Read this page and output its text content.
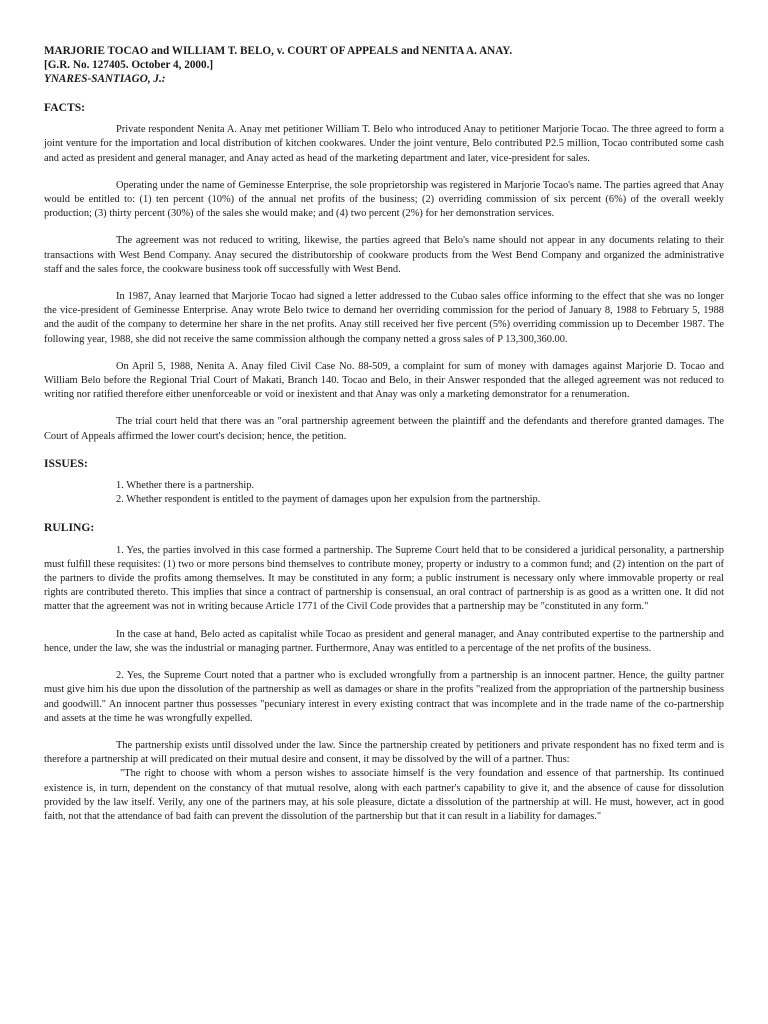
MARJORIE TOCAO and WILLIAM T. BELO, v. COURT OF APPEALS and NENITA A. ANAY.
[G.R. No. 127405. October 4, 2000.]
YNARES-SANTIAGO, J.:
FACTS:

Private respondent Nenita A. Anay met petitioner William T. Belo who introduced Anay to petitioner Marjorie Tocao. The three agreed to form a joint venture for the importation and local distribution of kitchen cookwares. Under the joint venture, Belo contributed P2.5 million, Tocao contributed some cash and acted as president and general manager, and Anay acted as head of the marketing department and later, vice-president for sales.

Operating under the name of Geminesse Enterprise, the sole proprietorship was registered in Marjorie Tocao's name. The parties agreed that Anay would be entitled to: (1) ten percent (10%) of the annual net profits of the business; (2) overriding commission of six percent (6%) of the overall weekly production; (3) thirty percent (30%) of the sales she would make; and (4) two percent (2%) for her demonstration services.

The agreement was not reduced to writing, likewise, the parties agreed that Belo's name should not appear in any documents relating to their transactions with West Bend Company. Anay secured the distributorship of cookware products from the West Bend Company and organized the administrative staff and the sales force, the cookware business took off successfully with West Bend.

In 1987, Anay learned that Marjorie Tocao had signed a letter addressed to the Cubao sales office informing to the effect that she was no longer the vice-president of Geminesse Enterprise. Anay wrote Belo twice to demand her overriding commission for the period of January 8, 1988 to February 5, 1988 and the audit of the company to determine her share in the net profits. Anay still received her five percent (5%) overriding commission up to December 1987. The following year, 1988, she did not receive the same commission although the company netted a gross sales of P 13,300,360.00.

On April 5, 1988, Nenita A. Anay filed Civil Case No. 88-509, a complaint for sum of money with damages against Marjorie D. Tocao and William Belo before the Regional Trial Court of Makati, Branch 140. Tocao and Belo, in their Answer responded that the alleged agreement was not reduced to writing nor ratified therefore either unenforceable or void or inexistent and that Anay was only a marketing demonstrator for a renumeration.

The trial court held that there was an "oral partnership agreement between the plaintiff and the defendants and therefore granted damages. The Court of Appeals affirmed the lower court's decision; hence, the petition.

ISSUES:
1. Whether there is a partnership.
2. Whether respondent is entitled to the payment of damages upon her expulsion from the partnership.
RULING:

1. Yes, the parties involved in this case formed a partnership. The Supreme Court held that to be considered a juridical personality, a partnership must fulfill these requisites: (1) two or more persons bind themselves to contribute money, property or industry to a common fund; and (2) intention on the part of the partners to divide the profits among themselves. It may be constituted in any form; a public instrument is necessary only where immovable property or real rights are contributed thereto. This implies that since a contract of partnership is consensual, an oral contract of partnership is as good as a written one. It did not matter that the agreement was not in writing because Article 1771 of the Civil Code provides that a partnership may be "constituted in any form."

In the case at hand, Belo acted as capitalist while Tocao as president and general manager, and Anay contributed expertise to the partnership and hence, under the law, she was the industrial or managing partner. Furthermore, Anay was entitled to a percentage of the net profits of the business.

2. Yes, the Supreme Court noted that a partner who is excluded wrongfully from a partnership is an innocent partner. Hence, the guilty partner must give him his due upon the dissolution of the partnership as well as damages or share in the profits "realized from the appropriation of the partnership business and goodwill." An innocent partner thus possesses "pecuniary interest in every existing contract that was incomplete and in the trade name of the co-partnership and assets at the time he was wrongfully expelled.

The partnership exists until dissolved under the law. Since the partnership created by petitioners and private respondent has no fixed term and is therefore a partnership at will predicated on their mutual desire and consent, it may be dissolved by the will of a partner. Thus:

"The right to choose with whom a person wishes to associate himself is the very foundation and essence of that partnership. Its continued existence is, in turn, dependent on the constancy of that mutual resolve, along with each partner's capability to give it, and the absence of cause for dissolution provided by the law itself. Verily, any one of the partners may, at his sole pleasure, dictate a dissolution of the partnership at will. He must, however, act in good faith, not that the attendance of bad faith can prevent the dissolution of the partnership but that it can result in a liability for damages."
